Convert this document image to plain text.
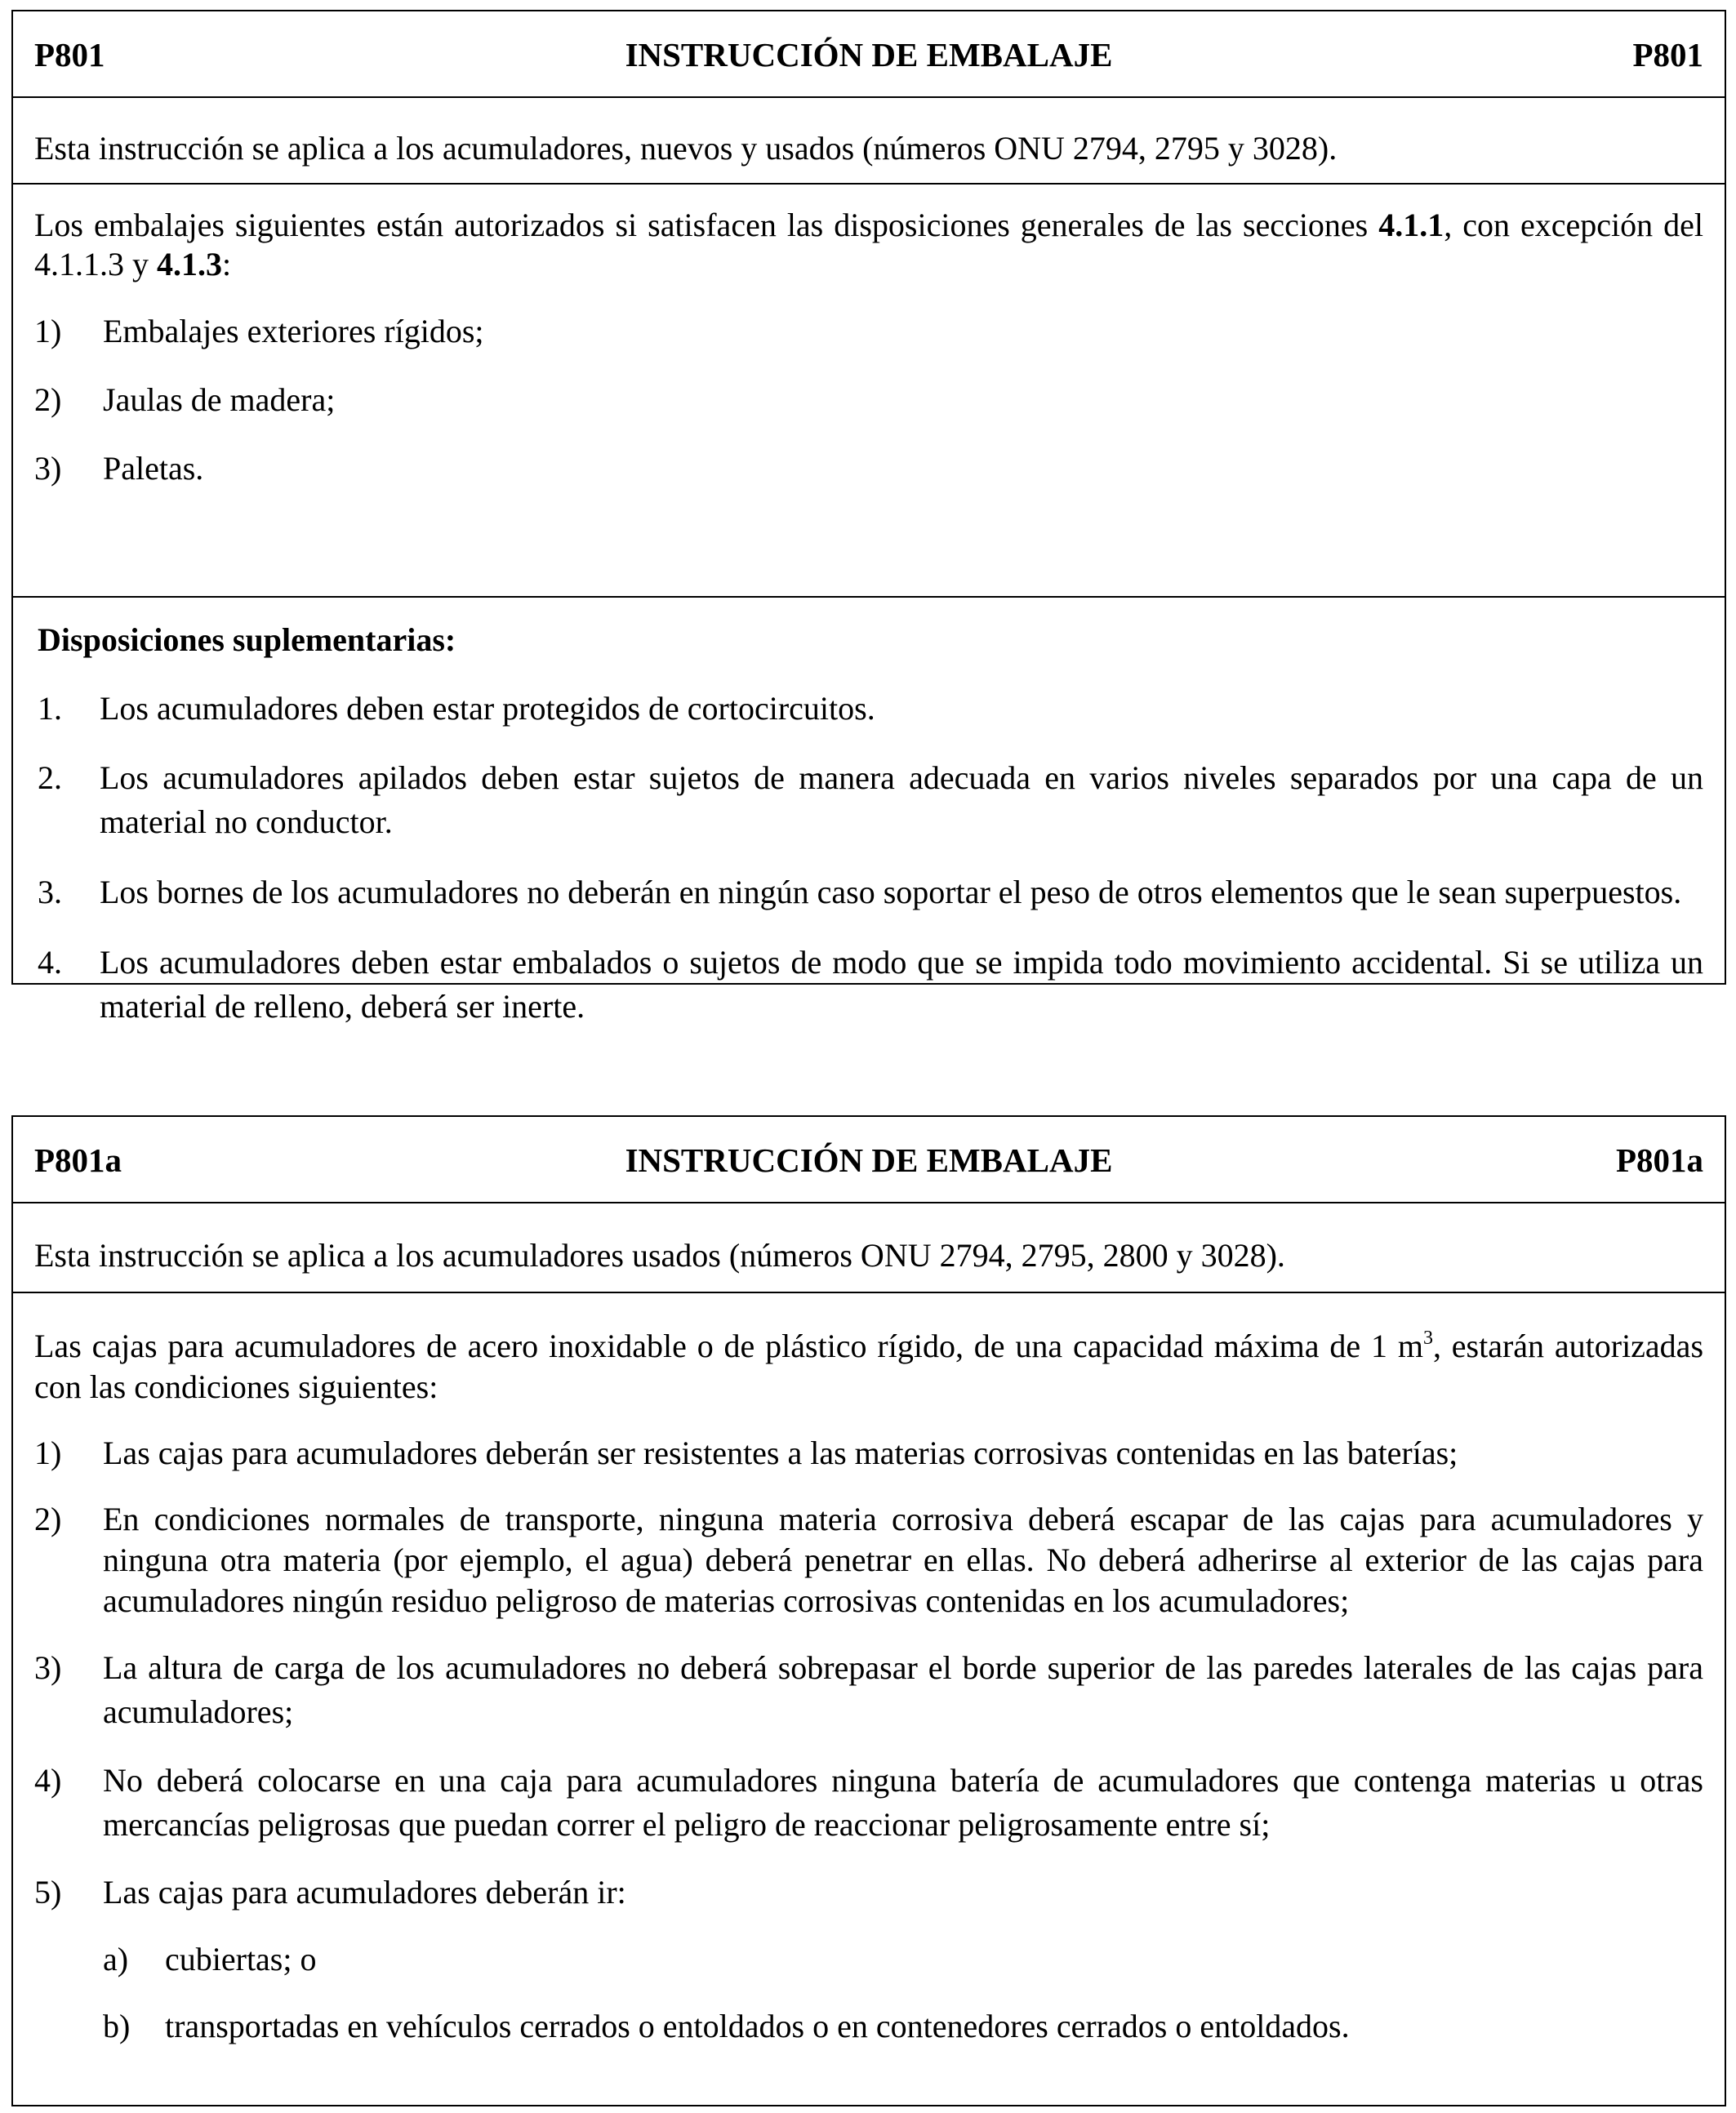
P801	INSTRUCCIÓN DE EMBALAJE	P801

Esta instrucción se aplica a los acumuladores, nuevos y usados (números ONU 2794, 2795 y 3028).

Los embalajes siguientes están autorizados si satisfacen las disposiciones generales de las secciones 4.1.1, con excepción del 4.1.1.3 y 4.1.3:

1) Embalajes exteriores rígidos;
2) Jaulas de madera;
3) Paletas.

Disposiciones suplementarias:

1. Los acumuladores deben estar protegidos de cortocircuitos.
2. Los acumuladores apilados deben estar sujetos de manera adecuada en varios niveles separados por una capa de un material no conductor.
3. Los bornes de los acumuladores no deberán en ningún caso soportar el peso de otros elementos que le sean superpuestos.
4. Los acumuladores deben estar embalados o sujetos de modo que se impida todo movimiento accidental. Si se utiliza un material de relleno, deberá ser inerte.
P801a	INSTRUCCIÓN DE EMBALAJE	P801a

Esta instrucción se aplica a los acumuladores usados (números ONU 2794, 2795, 2800 y 3028).

Las cajas para acumuladores de acero inoxidable o de plástico rígido, de una capacidad máxima de 1 $m^3$, estarán autorizadas con las condiciones siguientes:

1) Las cajas para acumuladores deberán ser resistentes a las materias corrosivas contenidas en las baterías;
2) En condiciones normales de transporte, ninguna materia corrosiva deberá escapar de las cajas para acumuladores y ninguna otra materia (por ejemplo, el agua) deberá penetrar en ellas. No deberá adherirse al exterior de las cajas para acumuladores ningún residuo peligroso de materias corrosivas contenidas en los acumuladores;
3) La altura de carga de los acumuladores no deberá sobrepasar el borde superior de las paredes laterales de las cajas para acumuladores;
4) No deberá colocarse en una caja para acumuladores ninguna batería de acumuladores que contenga materias u otras mercancías peligrosas que puedan correr el peligro de reaccionar peligrosamente entre sí;
5) Las cajas para acumuladores deberán ir:
a) cubiertas; o
b) transportadas en vehículos cerrados o entoldados o en contenedores cerrados o entoldados.
